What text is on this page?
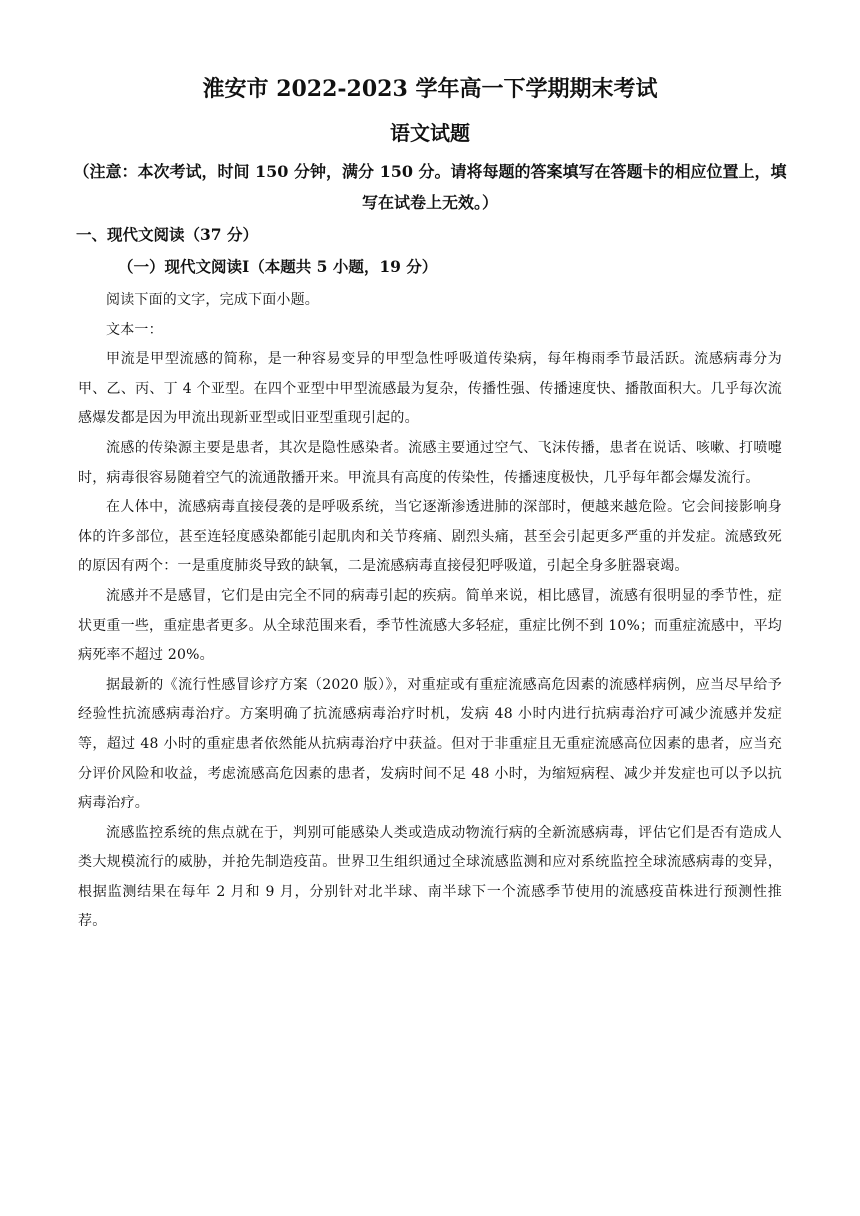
淮安市 2022-2023 学年高一下学期期末考试
语文试题
（注意：本次考试，时间 150 分钟，满分 150 分。请将每题的答案填写在答题卡的相应位置上，填写在试卷上无效。）
一、现代文阅读（37 分）
（一）现代文阅读Ⅰ（本题共 5 小题，19 分）

阅读下面的文字，完成下面小题。

文本一：

甲流是甲型流感的简称，是一种容易变异的甲型急性呼吸道传染病，每年梅雨季节最活跃。流感病毒分为甲、乙、丙、丁 4 个亚型。在四个亚型中甲型流感最为复杂，传播性强、传播速度快、播散面积大。几乎每次流感爆发都是因为甲流出现新亚型或旧亚型重现引起的。

流感的传染源主要是患者，其次是隐性感染者。流感主要通过空气、飞沫传播，患者在说话、咳嗽、打喷嚏时，病毒很容易随着空气的流通散播开来。甲流具有高度的传染性，传播速度极快，几乎每年都会爆发流行。

在人体中，流感病毒直接侵袭的是呼吸系统，当它逐渐渗透进肺的深部时，便越来越危险。它会间接影响身体的许多部位，甚至连轻度感染都能引起肌肉和关节疼痛、剧烈头痛，甚至会引起更多严重的并发症。流感致死的原因有两个：一是重度肺炎导致的缺氧，二是流感病毒直接侵犯呼吸道，引起全身多脏器衰竭。

流感并不是感冒，它们是由完全不同的病毒引起的疾病。简单来说，相比感冒，流感有很明显的季节性，症状更重一些，重症患者更多。从全球范围来看，季节性流感大多轻症，重症比例不到 10%；而重症流感中，平均病死率不超过 20%。

据最新的《流行性感冒诊疗方案（2020 版）》，对重症或有重症流感高危因素的流感样病例，应当尽早给予经验性抗流感病毒治疗。方案明确了抗流感病毒治疗时机，发病 48 小时内进行抗病毒治疗可减少流感并发症等，超过 48 小时的重症患者依然能从抗病毒治疗中获益。但对于非重症且无重症流感高位因素的患者，应当充分评价风险和收益，考虑流感高危因素的患者，发病时间不足 48 小时，为缩短病程、减少并发症也可以予以抗病毒治疗。

流感监控系统的焦点就在于，判别可能感染人类或造成动物流行病的全新流感病毒，评估它们是否有造成人类大规模流行的威胁，并抢先制造疫苗。世界卫生组织通过全球流感监测和应对系统监控全球流感病毒的变异，根据监测结果在每年 2 月和 9 月，分别针对北半球、南半球下一个流感季节使用的流感疫苗株进行预测性推荐。
